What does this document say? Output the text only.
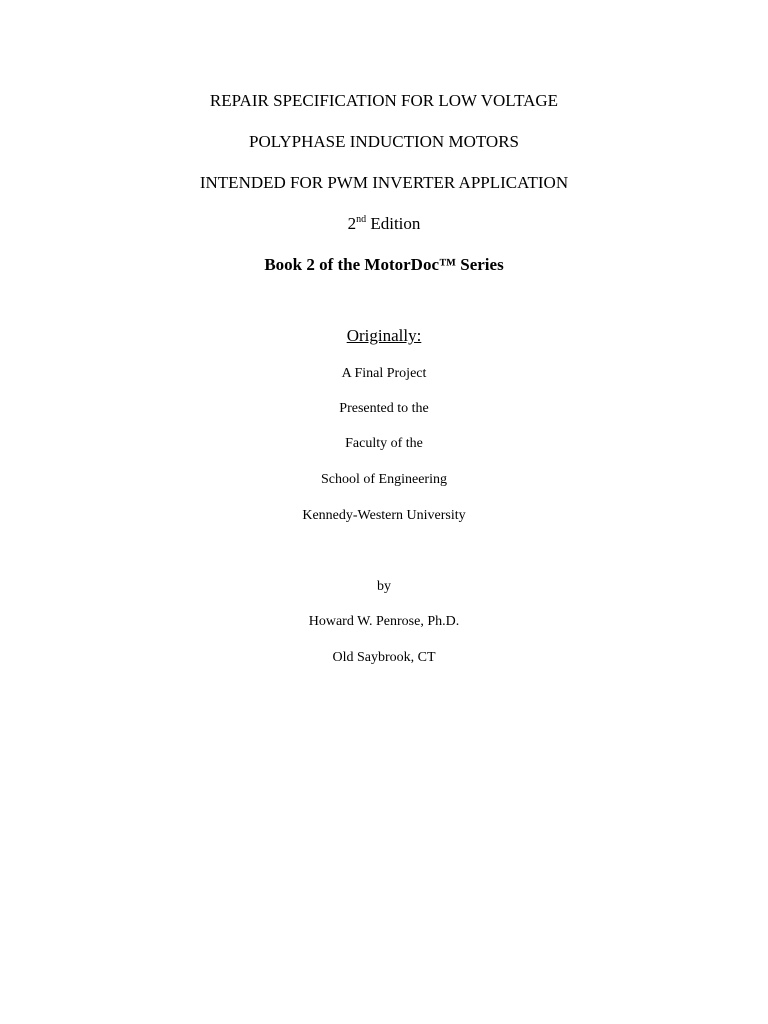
REPAIR SPECIFICATION FOR LOW VOLTAGE
POLYPHASE INDUCTION MOTORS
INTENDED FOR PWM INVERTER APPLICATION
2nd Edition
Book 2 of the MotorDoc™ Series
Originally:
A Final Project
Presented to the
Faculty of the
School of Engineering
Kennedy-Western University
by
Howard W. Penrose, Ph.D.
Old Saybrook, CT
